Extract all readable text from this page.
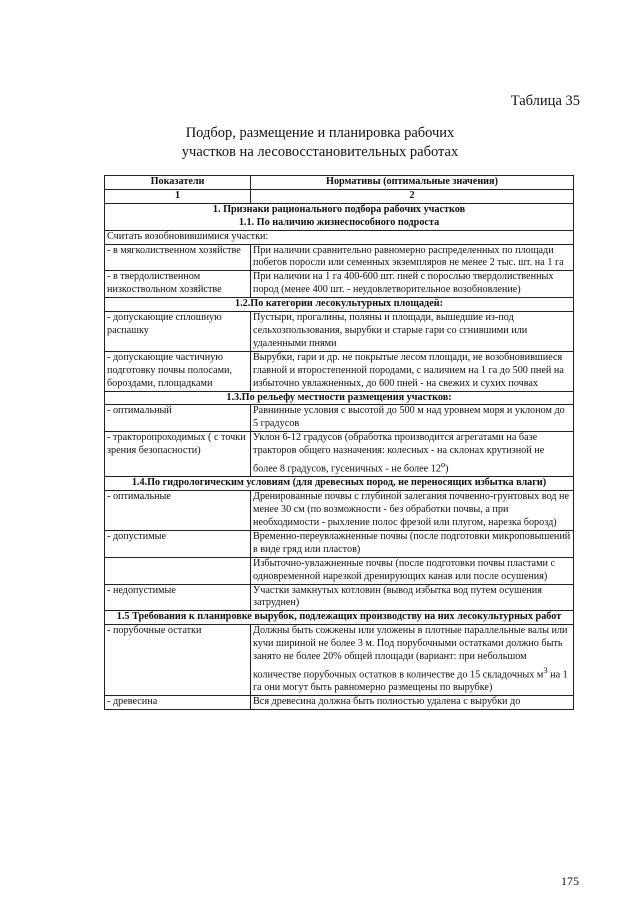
Таблица 35
Подбор, размещение и планировка рабочих
участков на лесовосстановительных работах
Показатели	Нормативы (оптимальные значения)
1	2
1. Признаки рационального подбора рабочих участков
1.1. По наличию жизнеспособного подроста	
Считать возобновившимися участки:	
- в мягколиственном хозяйстве	При наличии сравнительно равномерно распределенных по площади побегов поросли или семенных экземпляров не менее 2 тыс. шт. на 1 га
- в твердолиственном низкоствольном хозяйстве	При наличии на 1 га 400-600 шт. пней с порослью твердолиственных пород (менее 400 шт. - неудовлетворительное возобновление)
1.2.По категории лесокультурных площадей:	
- допускающие сплошную распашку	Пустыри, прогалины, поляны и площади, вышедшие из-под сельхозпользования, вырубки и старые гари со сгнившими или удаленными пнями
- допускающие частичную подготовку почвы полосами, бороздами, площадками	Вырубки, гари и др. не покрытые лесом площади, не возобновившиеся главной и второстепенной породами, с наличием на 1 га до 500 пней на избыточно увлажненных, до 600 пней - на свежих и сухих почвах
1.3.По рельефу местности размещения участков:	
- оптимальный	Равнинные условия с высотой до 500 м над уровнем моря и уклоном до 5 градусов
- тракторопроходимых ( с точки зрения безопасности)	Уклон 6-12 градусов (обработка производится агрегатами на базе тракторов общего назначения: колесных - на склонах крутизной не более 8 градусов, гусеничных - не более $12^о$)
1.4.По гидрологическим условиям (для древесных пород, не переносящих избытка влаги)	
- оптимальные	Дренированные почвы с глубиной залегания почвенно-грунтовых вод не менее 30 см (по возможности - без обработки почвы, а при необходимости - рыхление полос фрезой или плугом, нарезка борозд)
- допустимые	Временно-переувлажненные почвы (после подготовки микроповышений в виде гряд или пластов)
	Избыточно-увлажненные почвы (после подготовки почвы пластами с одновременной нарезкой дренирующих канав или после осушения)
- недопустимые	Участки замкнутых котловин (вывод избытка вод путем осушения затруднен)
1.5 Требования к планировке вырубок, подлежащих производству на них лесокультурных работ	
- порубочные остатки	Должны быть сожжены или уложены в плотные параллельные валы или кучи шириной не более 3 м. Под порубочными остатками должно быть занято не более 20% общей площади (вариант: при небольшом количестве порубочных остатков в количестве до 15 складочных $м^3$ на 1 га они могут быть равномерно размещены по вырубке)
- древесина	Вся древесина должна быть полностью удалена с вырубки до
175
